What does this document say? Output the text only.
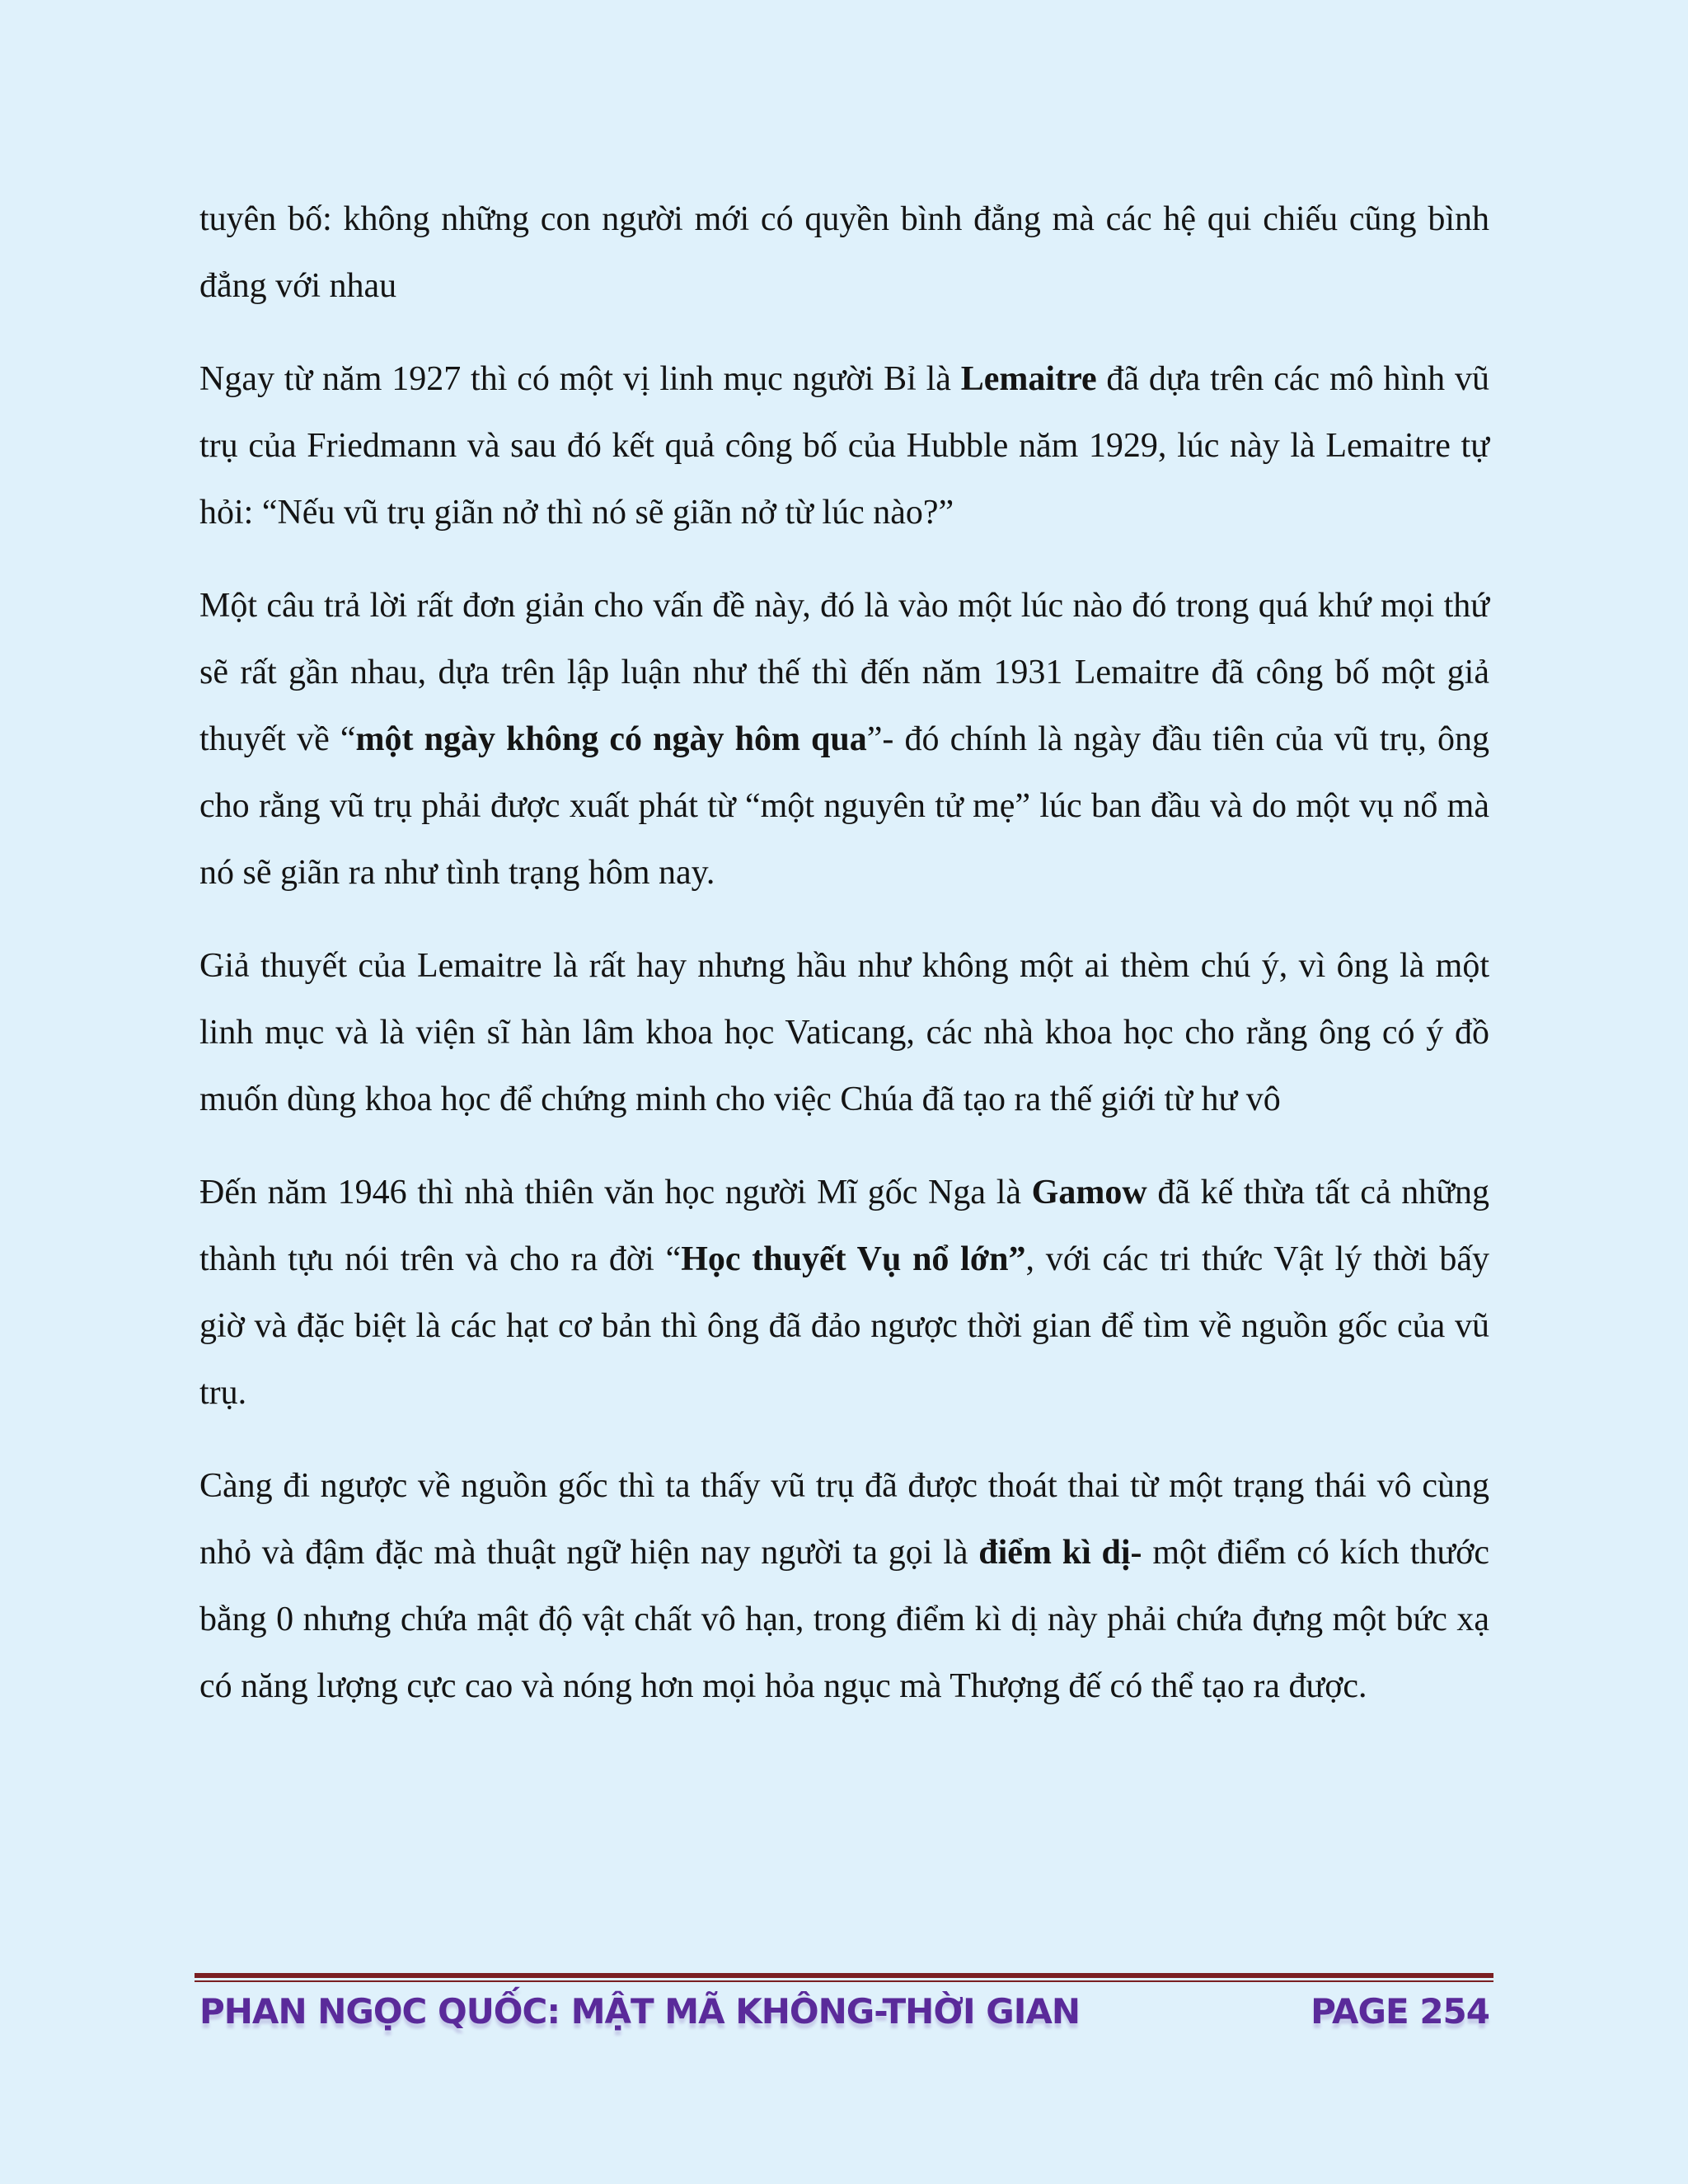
tuyên bố: không những con người mới có quyền bình đẳng mà các hệ qui chiếu cũng bình đẳng với nhau

Ngay từ năm 1927 thì có một vị linh mục người Bỉ là Lemaitre đã dựa trên các mô hình vũ trụ của Friedmann và sau đó kết quả công bố của Hubble năm 1929, lúc này là Lemaitre tự hỏi: “Nếu vũ trụ giãn nở thì nó sẽ giãn nở từ lúc nào?”

Một câu trả lời rất đơn giản cho vấn đề này, đó là vào một lúc nào đó trong quá khứ mọi thứ sẽ rất gần nhau, dựa trên lập luận như thế thì đến năm 1931 Lemaitre đã công bố một giả thuyết về “một ngày không có ngày hôm qua”- đó chính là ngày đầu tiên của vũ trụ, ông cho rằng vũ trụ phải được xuất phát từ “một nguyên tử mẹ” lúc ban đầu và do một vụ nổ mà nó sẽ giãn ra như tình trạng hôm nay.

Giả thuyết của Lemaitre là rất hay nhưng hầu như không một ai thèm chú ý, vì ông là một linh mục và là viện sĩ hàn lâm khoa học Vaticang, các nhà khoa học cho rằng ông có ý đồ muốn dùng khoa học để chứng minh cho việc Chúa đã tạo ra thế giới từ hư vô

Đến năm 1946 thì nhà thiên văn học người Mĩ gốc Nga là Gamow đã kế thừa tất cả những thành tựu nói trên và cho ra đời “Học thuyết Vụ nổ lớn”, với các tri thức Vật lý thời bấy giờ và đặc biệt là các hạt cơ bản thì ông đã đảo ngược thời gian để tìm về nguồn gốc của vũ trụ.

Càng đi ngược về nguồn gốc thì ta thấy vũ trụ đã được thoát thai từ một trạng thái vô cùng nhỏ và đậm đặc mà thuật ngữ hiện nay người ta gọi là điểm kì dị- một điểm có kích thước bằng 0 nhưng chứa mật độ vật chất vô hạn, trong điểm kì dị này phải chứa đựng một bức xạ có năng lượng cực cao và nóng hơn mọi hỏa ngục mà Thượng đế có thể tạo ra được.

PHAN NGỌC QUỐC: MẬT MÃ KHÔNG-THỜI GIAN	PAGE 254
